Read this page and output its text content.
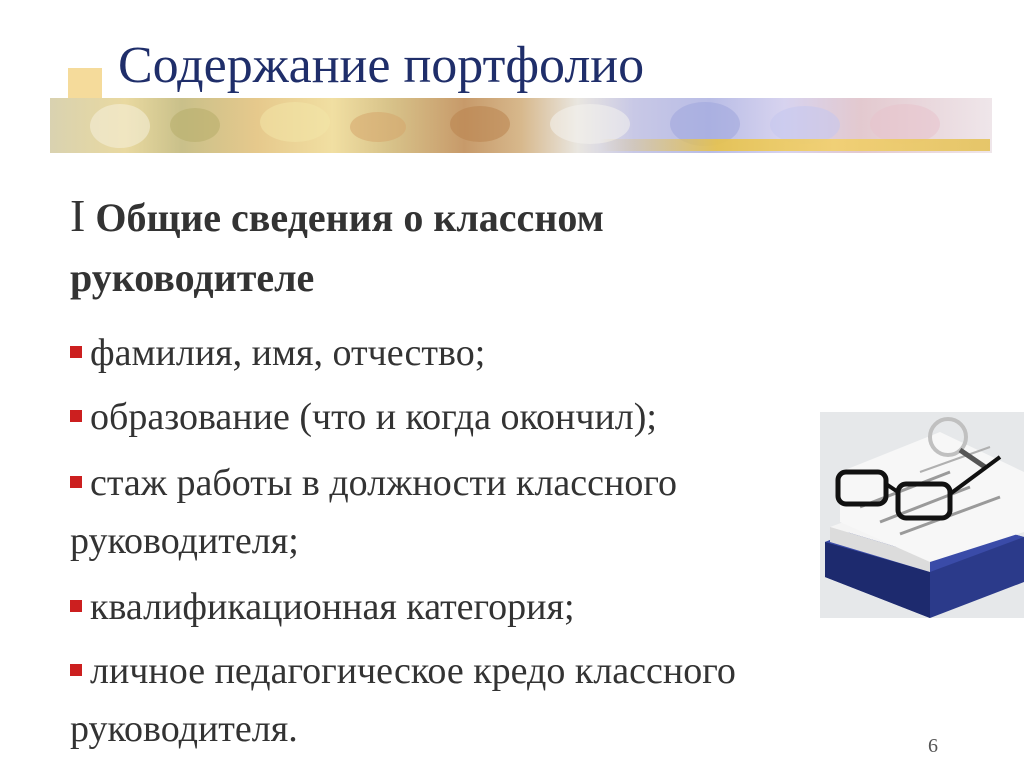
Содержание портфолио
I Общие сведения о классном руководителе
фамилия, имя, отчество;
образование (что и когда окончил);
стаж работы в должности классного руководителя;
квалификационная категория;
личное педагогическое кредо классного руководителя.	6
